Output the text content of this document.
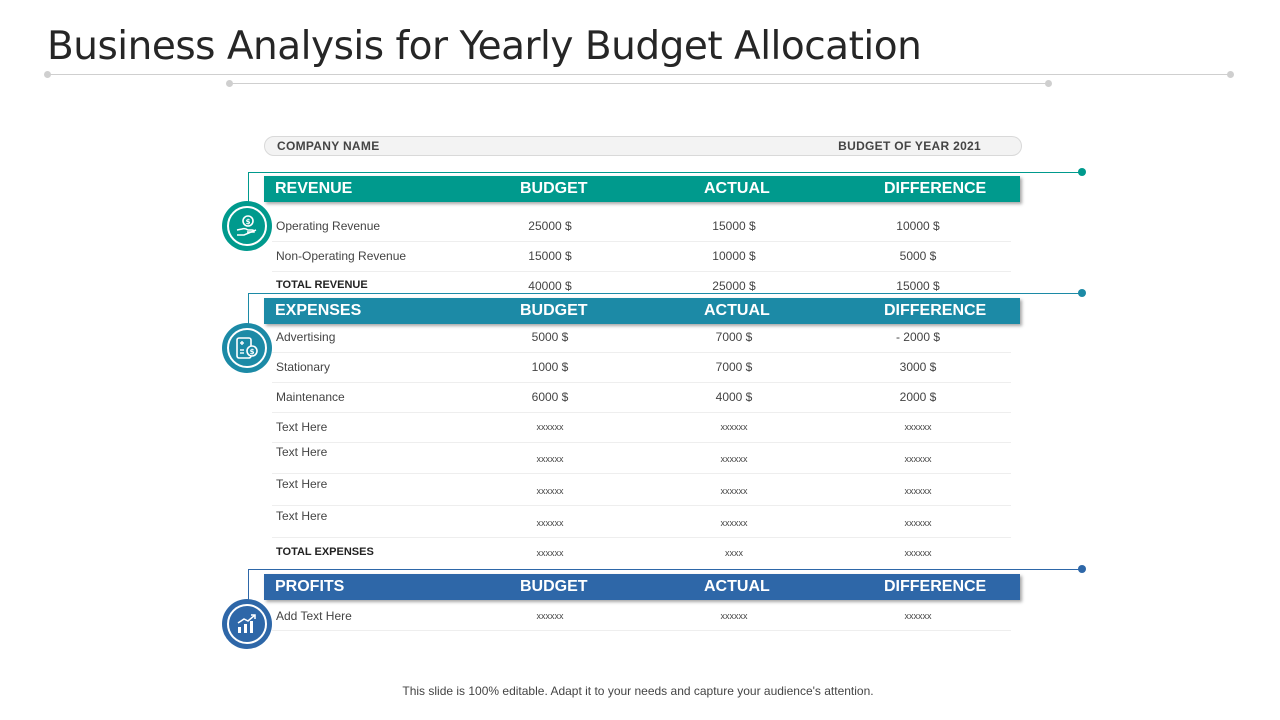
Business Analysis for Yearly Budget Allocation
COMPANY NAME	BUDGET OF YEAR 2021
REVENUE	BUDGET	ACTUAL	DIFFERENCE
$ Operating Revenue	25000 $	15000 $	10000 $
Non-Operating Revenue	15000 $	10000 $	5000 $
TOTAL REVENUE	40000 $	25000 $	15000 $
EXPENSES	BUDGET	ACTUAL	DIFFERENCE
$
Advertising	5000 $	7000 $	- 2000 $
Stationary	1000 $	7000 $	3000 $
Maintenance	6000 $	4000 $	2000 $
Text Here	xxxxxx	xxxxxx	xxxxxx
Text Here	xxxxxx	xxxxxx	xxxxxx
Text Here	xxxxxx	xxxxxx	xxxxxx
Text Here	xxxxxx	xxxxxx	xxxxxx
TOTAL EXPENSES	xxxxxx	xxxx	xxxxxx
PROFITS	BUDGET	ACTUAL	DIFFERENCE
Add Text Here	xxxxxx	xxxxxx	xxxxxx
This slide is 100% editable. Adapt it to your needs and capture your audience's attention.
